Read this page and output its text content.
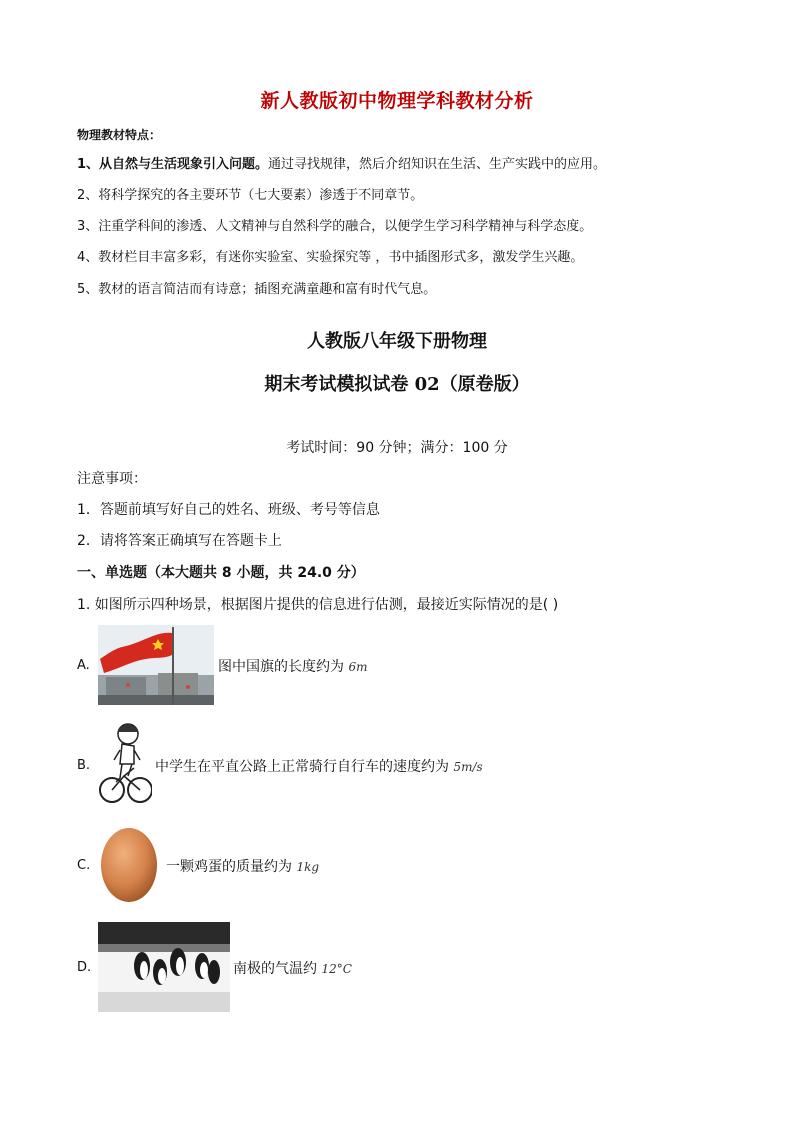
新人教版初中物理学科教材分析
物理教材特点：
1、从自然与生活现象引入问题。通过寻找规律，然后介绍知识在生活、生产实践中的应用。
2、将科学探究的各主要环节（七大要素）渗透于不同章节。
3、注重学科间的渗透、人文精神与自然科学的融合，以便学生学习科学精神与科学态度。
4、教材栏目丰富多彩，有迷你实验室、实验探究等 ，书中插图形式多，激发学生兴趣。
5、教材的语言简洁而有诗意；插图充满童趣和富有时代气息。
人教版八年级下册物理
期末考试模拟试卷 02（原卷版）
考试时间：90 分钟；满分：100 分
注意事项：
1．答题前填写好自己的姓名、班级、考号等信息
2．请将答案正确填写在答题卡上
一、单选题（本大题共 8 小题，共 24.0 分）
1. 如图所示四种场景，根据图片提供的信息进行估测，最接近实际情况的是( )
A.	图中国旗的长度约为 6m
B.	中学生在平直公路上正常骑行自行车的速度约为 5m/s
C.	一颗鸡蛋的质量约为 1kg
D.	南极的气温约 12°C
